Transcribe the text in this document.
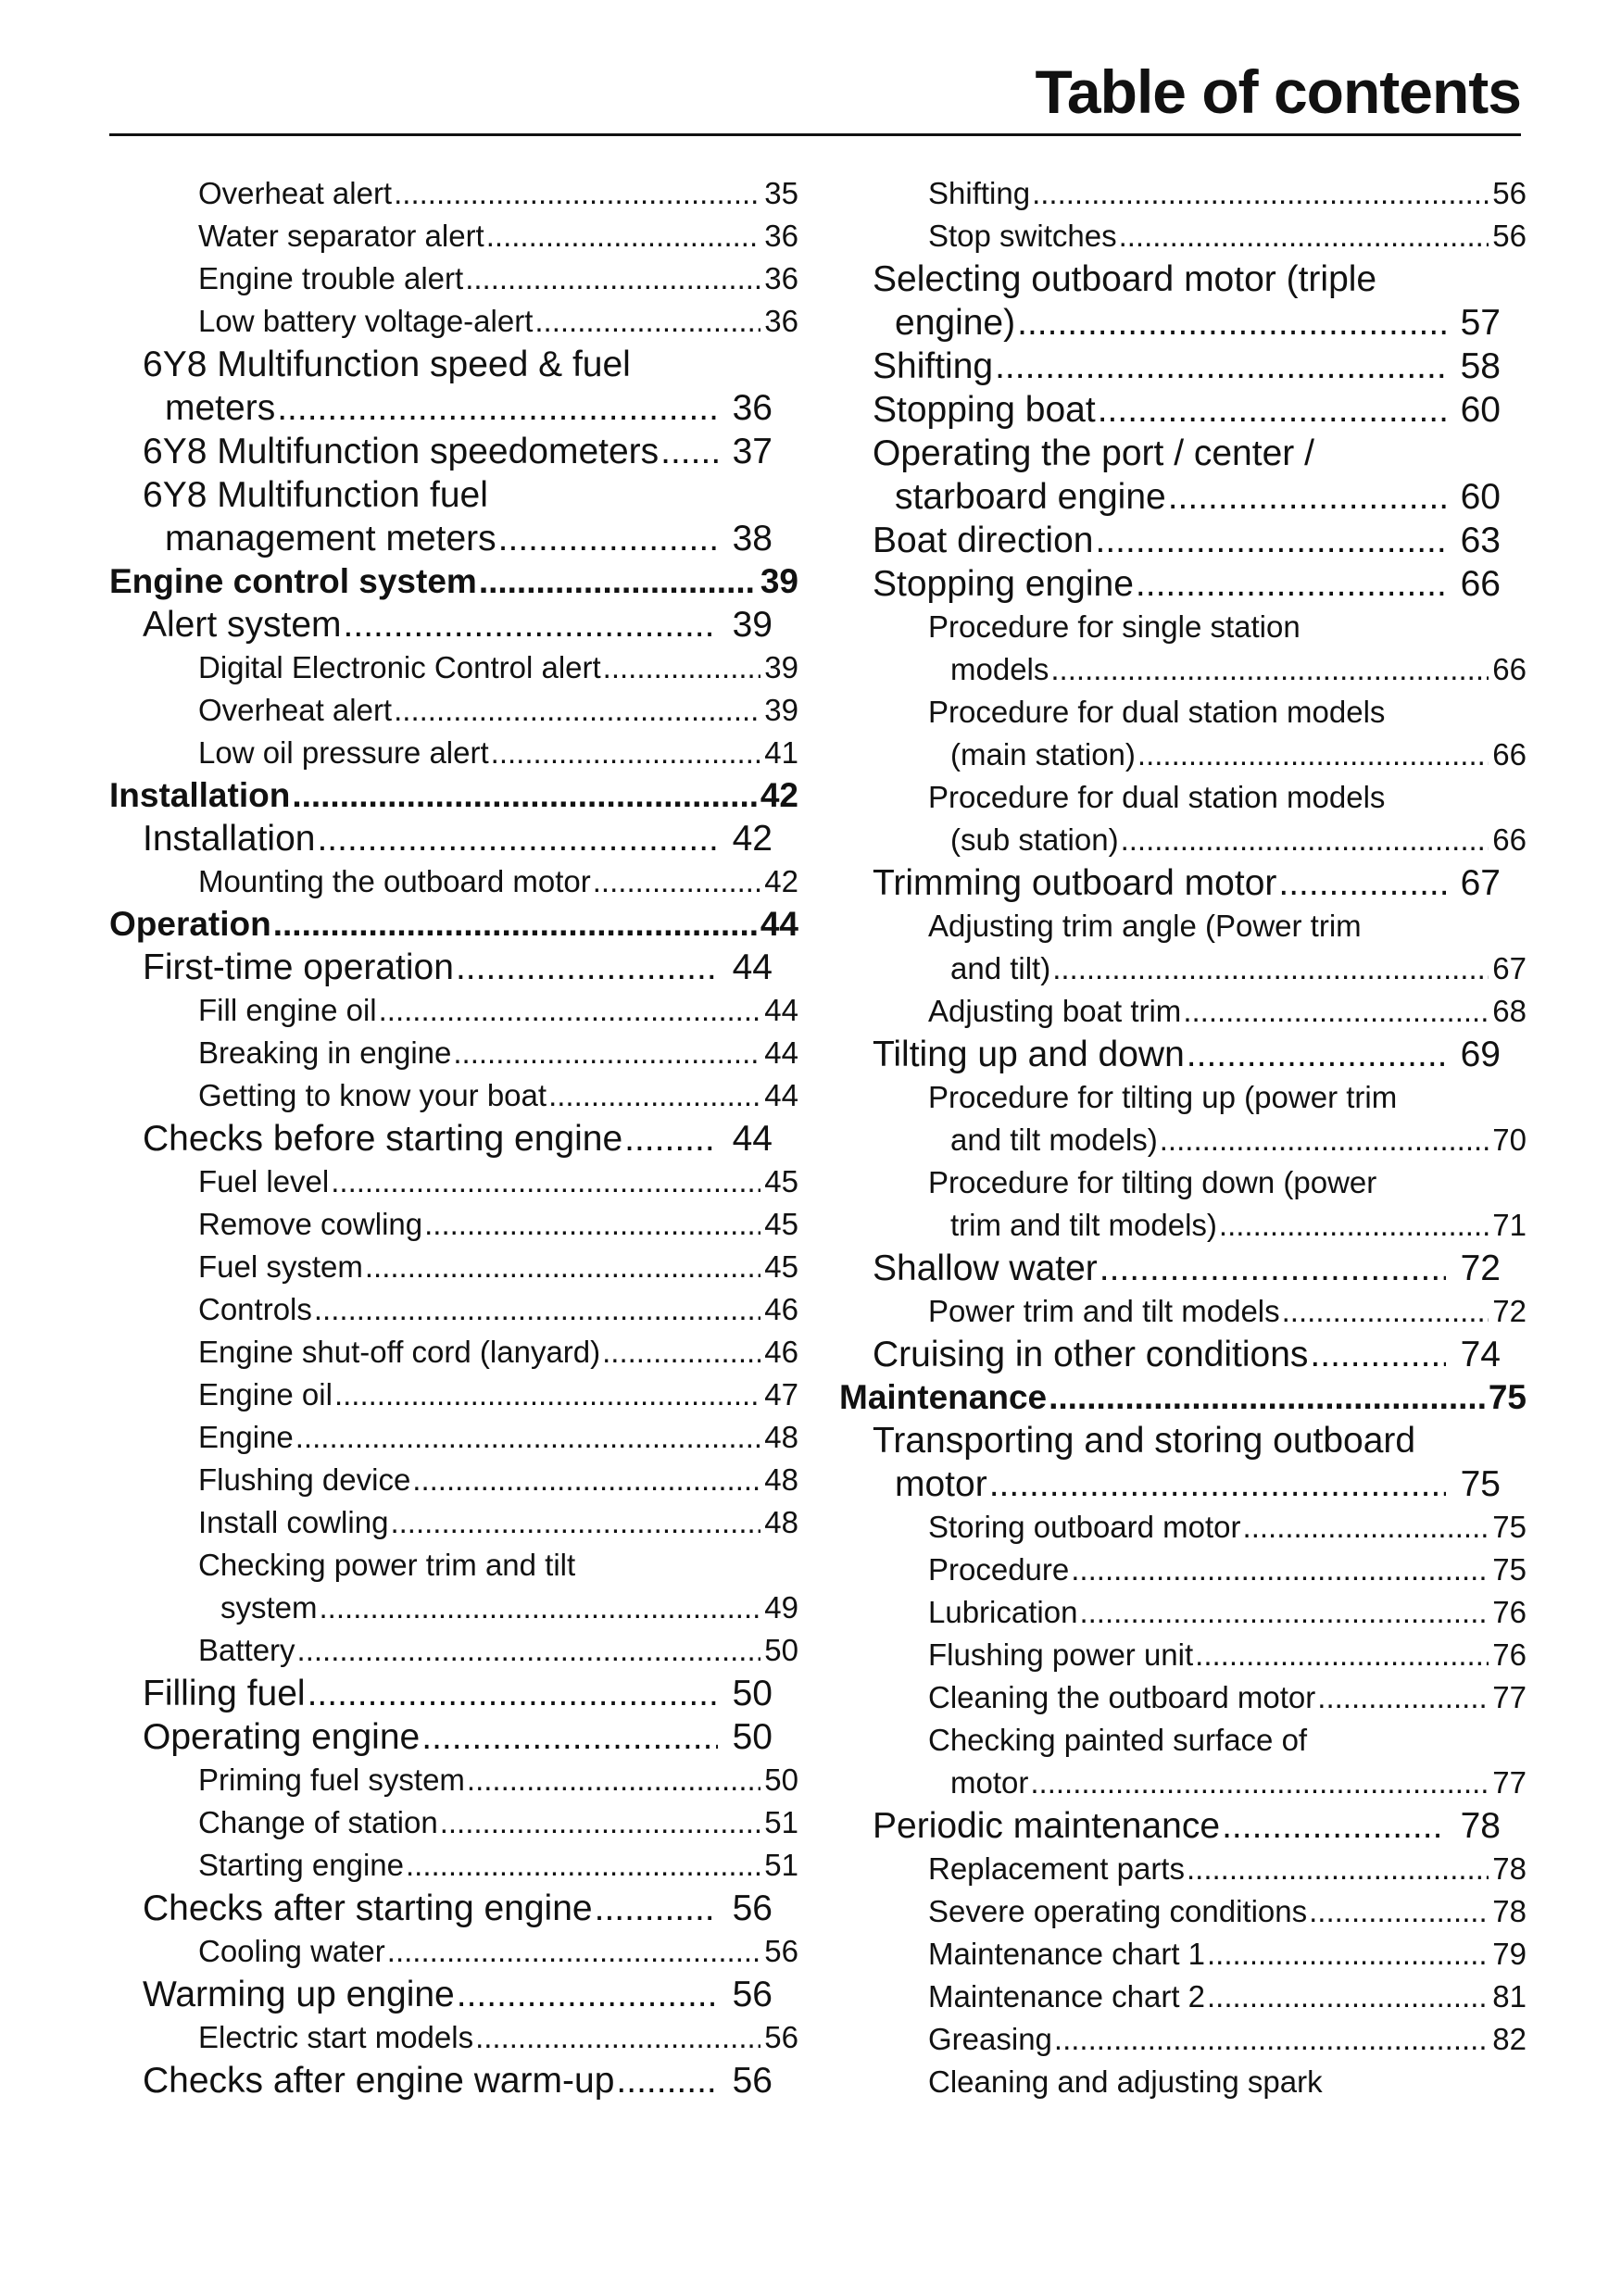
Table of contents
Overheat alert .....	35
Water separator alert .....	36
Engine trouble alert .....	36
Low battery voltage-alert .....	36
6Y8 Multifunction speed & fuel
meters .....	36
6Y8 Multifunction speedometers ..... 37
6Y8 Multifunction fuel
management meters .....	38
Engine control system .....	39
Alert system .....	39
Digital Electronic Control alert .....	39
Overheat alert .....	39
Low oil pressure alert .....	41
Installation .....	42
Installation .....	42
Mounting the outboard motor .....	42
Operation .....	44
First-time operation .....	44
Fill engine oil .....	44
Breaking in engine .....	44
Getting to know your boat .....	44
Checks before starting engine .....	44
Fuel level .....	45
Remove cowling .....	45
Fuel system .....	45
Controls .....	46
Engine shut-off cord (lanyard) .....	46
Engine oil .....	47
Engine .....	48
Flushing device .....	48
Install cowling .....	48
Checking power trim and tilt
system .....	49
Battery .....	50
Filling fuel .....	50
Operating engine .....	50
Priming fuel system .....	50
Change of station .....	51
Starting engine .....	51
Checks after starting engine .....	56
Cooling water .....	56
Warming up engine .....	56
Electric start models .....	56
Checks after engine warm-up .....	56
Shifting .....	56
Stop switches .....	56
Selecting outboard motor (triple
engine) .....	57
Shifting .....	58
Stopping boat .....	60
Operating the port / center /
starboard engine .....	60
Boat direction .....	63
Stopping engine .....	66
Procedure for single station
models .....	66
Procedure for dual station models
(main station) .....	66
Procedure for dual station models
(sub station) .....	66
Trimming outboard motor .....	67
Adjusting trim angle (Power trim
and tilt) .....	67
Adjusting boat trim .....	68
Tilting up and down .....	69
Procedure for tilting up (power trim
and tilt models) .....	70
Procedure for tilting down (power
trim and tilt models) .....	71
Shallow water .....	72
Power trim and tilt models .....	72
Cruising in other conditions .....	74
Maintenance .....	75
Transporting and storing outboard
motor .....	75
Storing outboard motor .....	75
Procedure .....	75
Lubrication .....	76
Flushing power unit .....	76
Cleaning the outboard motor .....	77
Checking painted surface of
motor .....	77
Periodic maintenance .....	78
Replacement parts .....	78
Severe operating conditions .....	78
Maintenance chart 1 .....	79
Maintenance chart 2 .....	81
Greasing .....	82
Cleaning and adjusting spark
